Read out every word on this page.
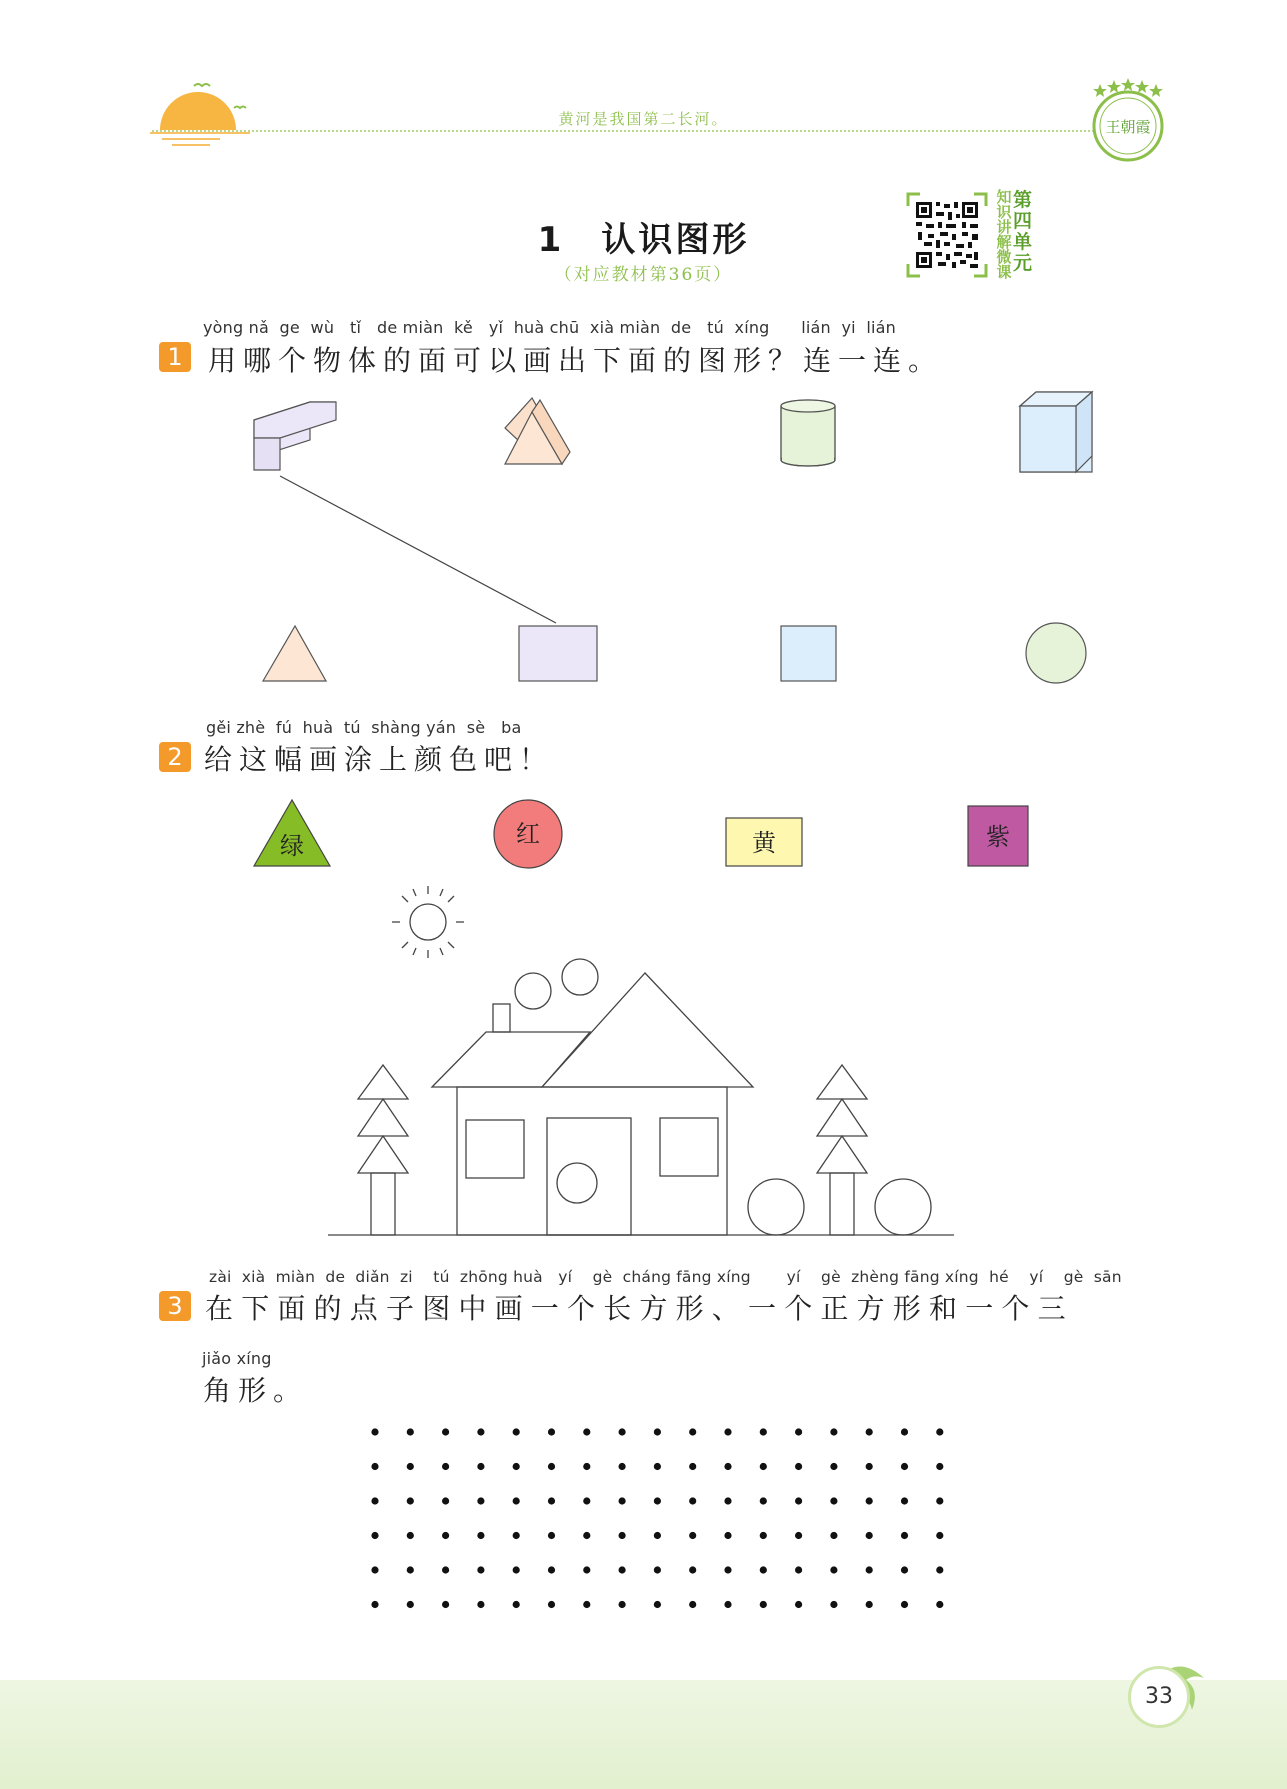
黄河是我国第二长河。	王朝霞
1　认识图形
（对应教材第36页）
知识讲解微课
第四单元
1
yòng nǎ  ge  wù   tǐ   de miàn  kě   yǐ  huà chū  xià miàn  de   tú  xíng      lián  yi  lián
用哪个物体的面可以画出下面的图形？连一连。
2
gěi zhè  fú  huà  tú  shàng yán  sè   ba
给这幅画涂上颜色吧！
绿	红	黄	紫
3
zài  xià  miàn  de  diǎn  zi    tú  zhōng huà   yí    gè  cháng fāng xíng       yí    gè  zhèng fāng xíng  hé    yí    gè  sān
在下面的点子图中画一个长方形、一个正方形和一个三
jiǎo xíng
角形。
33
